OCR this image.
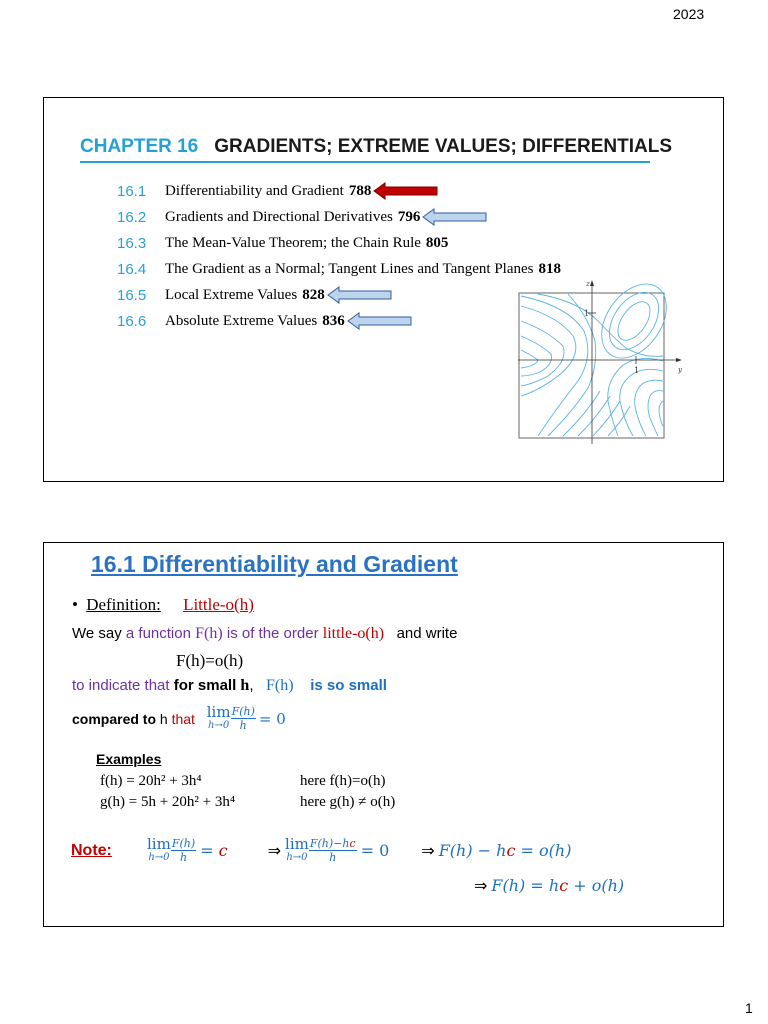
2023
CHAPTER 16 GRADIENTS; EXTREME VALUES; DIFFERENTIALS
16.1	Differentiability and Gradient 788
16.2	Gradients and Directional Derivatives 796
16.3	The Mean-Value Theorem; the Chain Rule 805
16.4	The Gradient as a Normal; Tangent Lines and Tangent Planes 818
16.5	Local Extreme Values 828
16.6	Absolute Extreme Values 836
z
y
1
1
16.1 Differentiability and Gradient
• Definition: Little-o(h)
We say a function F(h) is of the order little-o(h)   and write
F(h)=o(h)
to indicate that for small h,   F(h)    is so small
compared to h that lim
$h\to 0 \frac{F(h)}{h} = 0$
Examples
f(h) = 20h² + 3h⁴	here f(h)=o(h)
g(h) = 5h + 20h² + 3h⁴	here g(h) ≠ o(h)
Note:	lim
$h\to 0 \frac{F(h)}{h} = c$	⇒ lim
$h\to 0 \frac{F(h)-hc}{h} = 0$ ⇒ F(h) − hc = o(h)
⇒ F(h) = hc + o(h)
1
